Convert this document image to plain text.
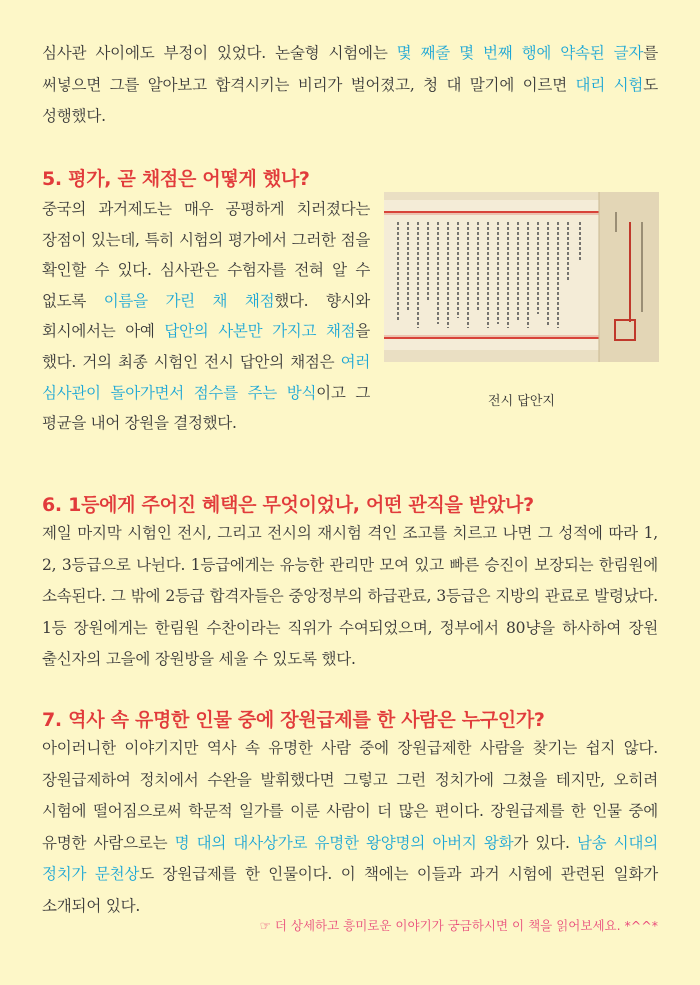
심사관 사이에도 부정이 있었다. 논술형 시험에는 몇 째줄 몇 번째 행에 약속된 글자를 써넣으면 그를 알아보고 합격시키는 비리가 벌어졌고, 청 대 말기에 이르면 대리 시험도 성행했다.
5. 평가, 곧 채점은 어떻게 했나?
중국의 과거제도는 매우 공평하게 치러졌다는 장점이 있는데, 특히 시험의 평가에서 그러한 점을 확인할 수 있다. 심사관은 수험자를 전혀 알 수 없도록 이름을 가린 채 채점했다. 향시와 회시에서는 아예 답안의 사본만 가지고 채점을 했다. 거의 최종 시험인 전시 답안의 채점은 여러 심사관이 돌아가면서 점수를 주는 방식이고 그 평균을 내어 장원을 결정했다.
전시 답안지
6. 1등에게 주어진 혜택은 무엇이었나, 어떤 관직을 받았나?
제일 마지막 시험인 전시, 그리고 전시의 재시험 격인 조고를 치르고 나면 그 성적에 따라 1, 2, 3등급으로 나뉜다. 1등급에게는 유능한 관리만 모여 있고 빠른 승진이 보장되는 한림원에 소속된다. 그 밖에 2등급 합격자들은 중앙정부의 하급관료, 3등급은 지방의 관료로 발령났다. 1등 장원에게는 한림원 수찬이라는 직위가 수여되었으며, 정부에서 80냥을 하사하여 장원 출신자의 고을에 장원방을 세울 수 있도록 했다.
7. 역사 속 유명한 인물 중에 장원급제를 한 사람은 누구인가?
아이러니한 이야기지만 역사 속 유명한 사람 중에 장원급제한 사람을 찾기는 쉽지 않다. 장원급제하여 정치에서 수완을 발휘했다면 그렇고 그런 정치가에 그쳤을 테지만, 오히려 시험에 떨어짐으로써 학문적 일가를 이룬 사람이 더 많은 편이다. 장원급제를 한 인물 중에 유명한 사람으로는 명 대의 대사상가로 유명한 왕양명의 아버지 왕화가 있다. 남송 시대의 정치가 문천상도 장원급제를 한 인물이다. 이 책에는 이들과 과거 시험에 관련된 일화가 소개되어 있다.
☞ 더 상세하고 흥미로운 이야기가 궁금하시면 이 책을 읽어보세요. *^^*
